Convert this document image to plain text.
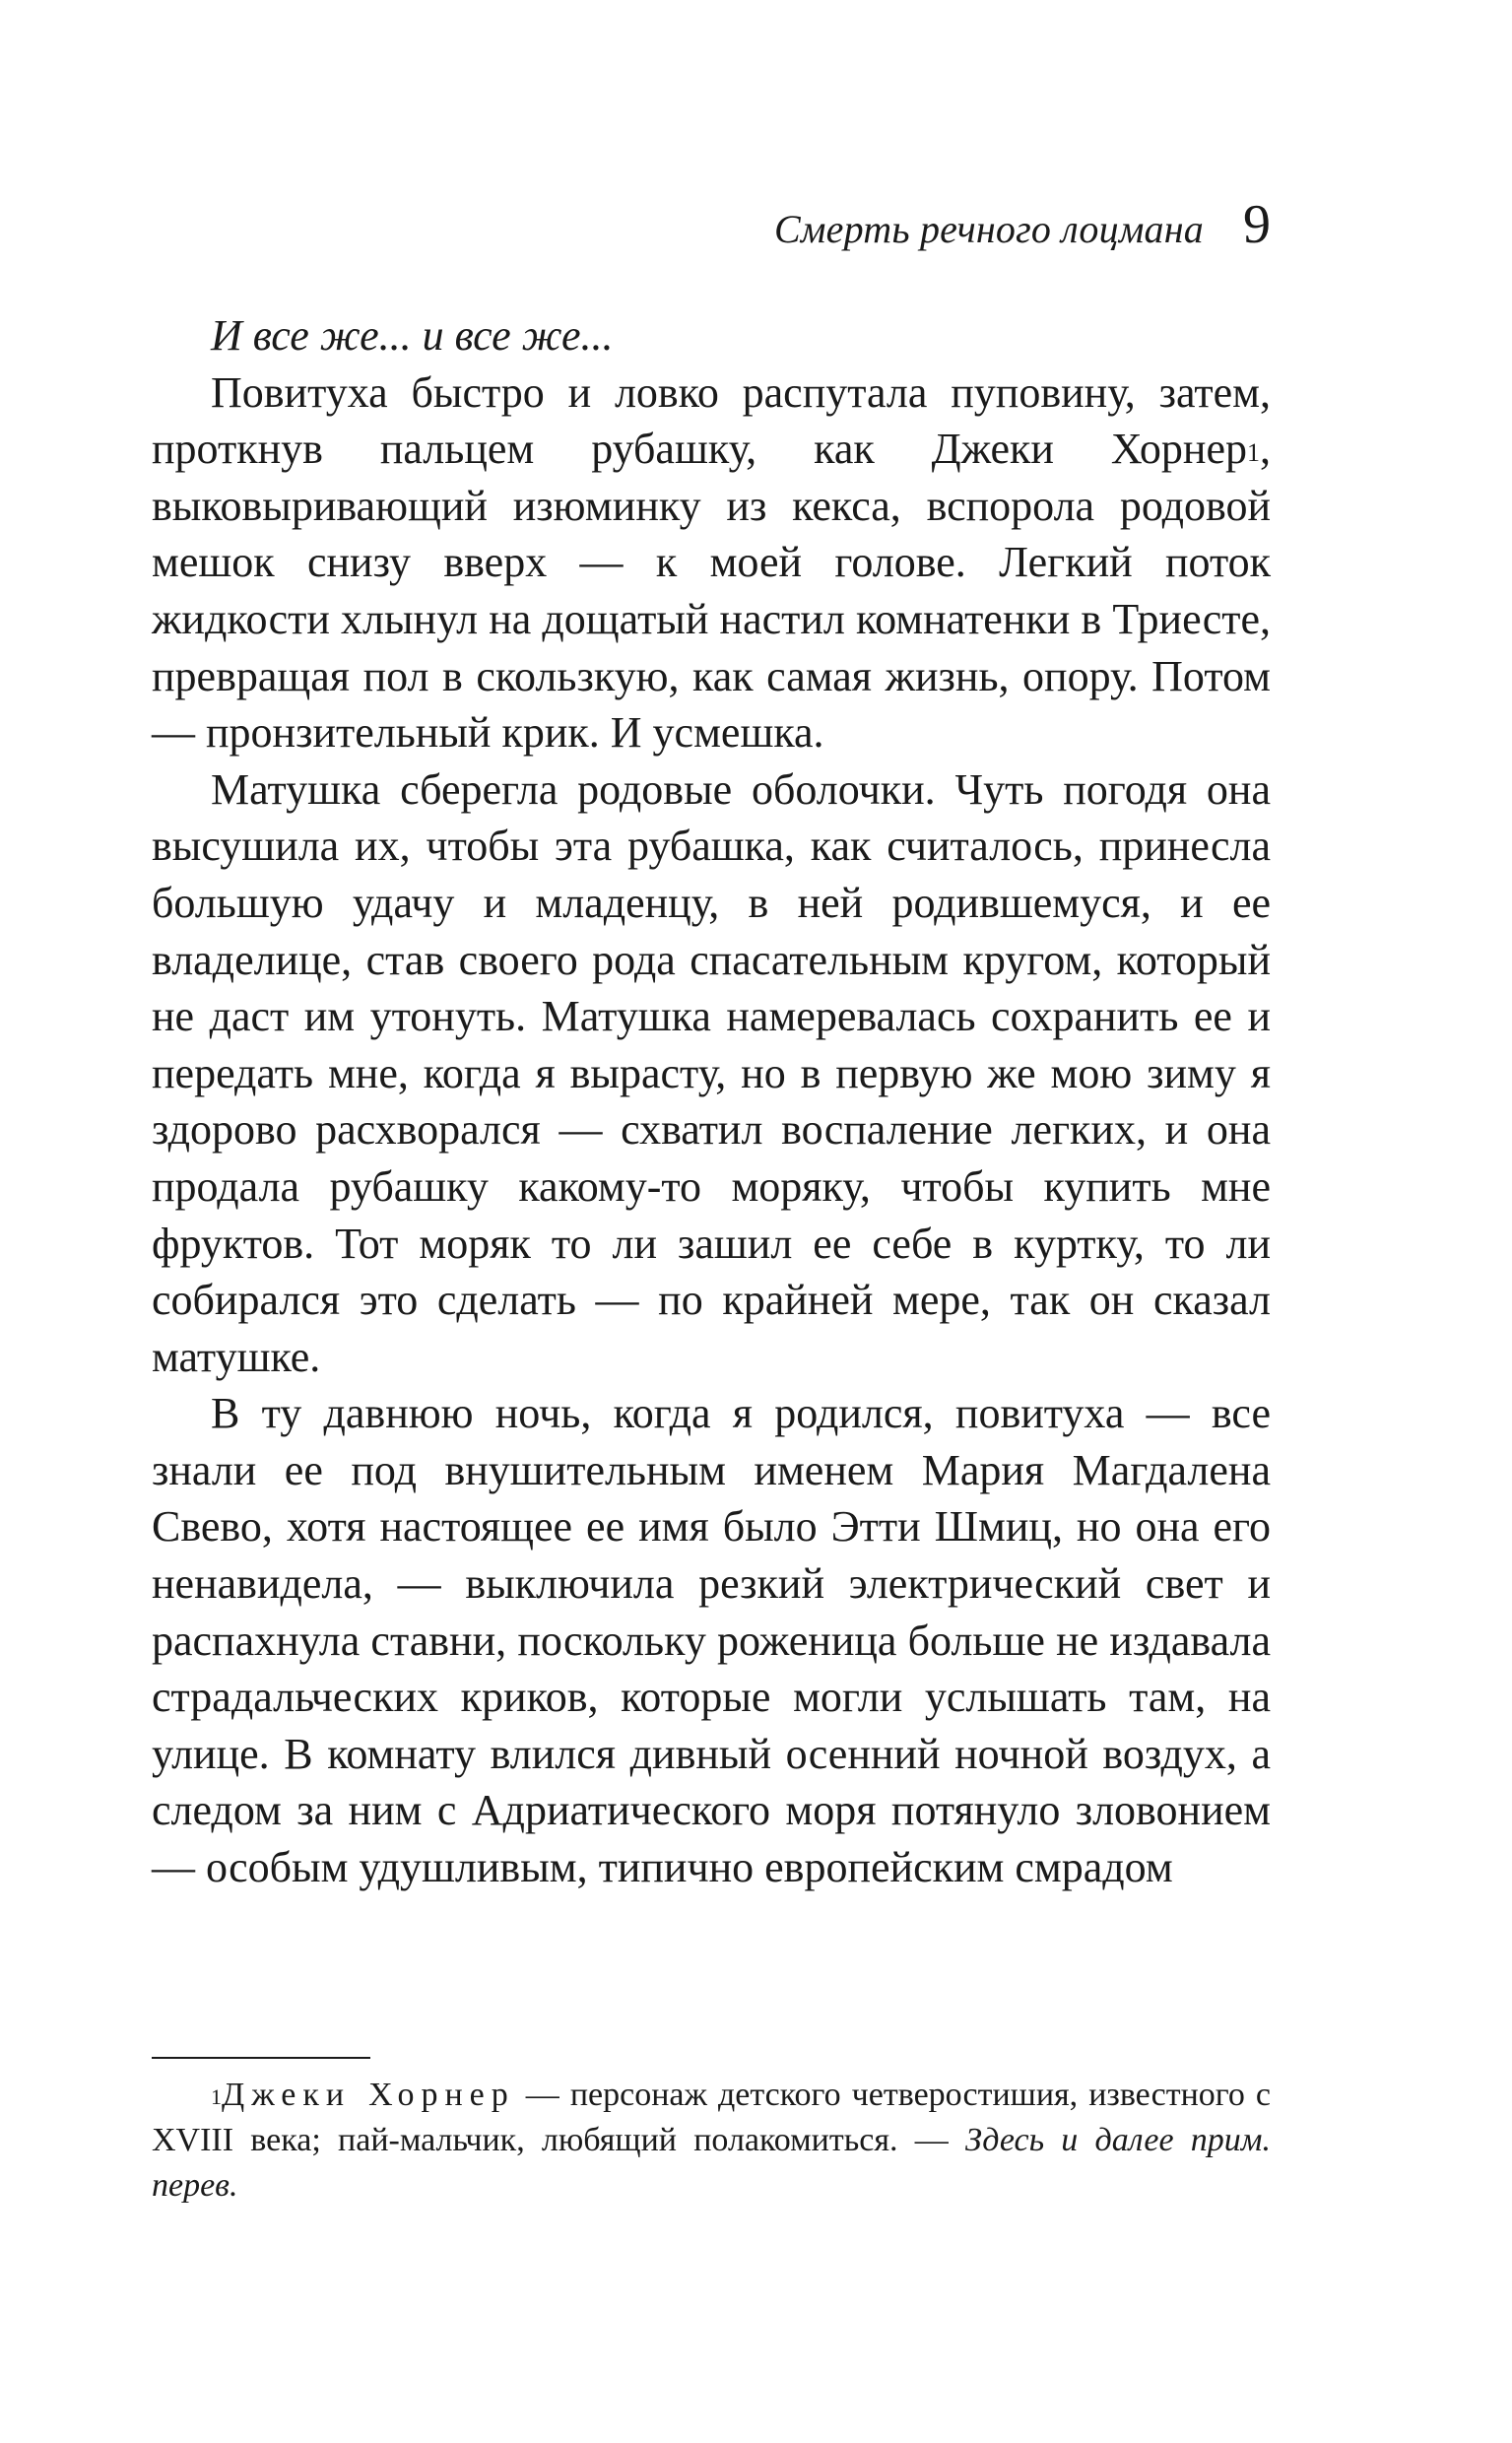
Смерть речного лоцмана 9

И все же... и все же...

Повитуха быстро и ловко распутала пуповину, затем, проткнув пальцем рубашку, как Джеки Хорнер$^1$, выковыривающий изюминку из кекса, вспорола родовой мешок снизу вверх — к моей голове. Легкий поток жидкости хлынул на дощатый настил комнатенки в Триесте, превращая пол в скользкую, как самая жизнь, опору. Потом — пронзительный крик. И усмешка.

Матушка сберегла родовые оболочки. Чуть погодя она высушила их, чтобы эта рубашка, как считалось, принесла большую удачу и младенцу, в ней родившемуся, и ее владелице, став своего рода спасательным кругом, который не даст им утонуть. Матушка намеревалась сохранить ее и передать мне, когда я вырасту, но в первую же мою зиму я здорово расхворался — схватил воспаление легких, и она продала рубашку какому-то моряку, чтобы купить мне фруктов. Тот моряк то ли зашил ее себе в куртку, то ли собирался это сделать — по крайней мере, так он сказал матушке.

В ту давнюю ночь, когда я родился, повитуха — все знали ее под внушительным именем Мария Магдалена Свево, хотя настоящее ее имя было Этти Шмиц, но она его ненавидела, — выключила резкий электрический свет и распахнула ставни, поскольку роженица больше не издавала страдальческих криков, которые могли услышать там, на улице. В комнату влился дивный осенний ночной воздух, а следом за ним с Адриатического моря потянуло зловонием — особым удушливым, типично европейским смрадом

$^1$Джеки Хорнер — персонаж детского четверостишия, известного с XVIII века; пай-мальчик, любящий полакомиться. — Здесь и далее прим. перев.
